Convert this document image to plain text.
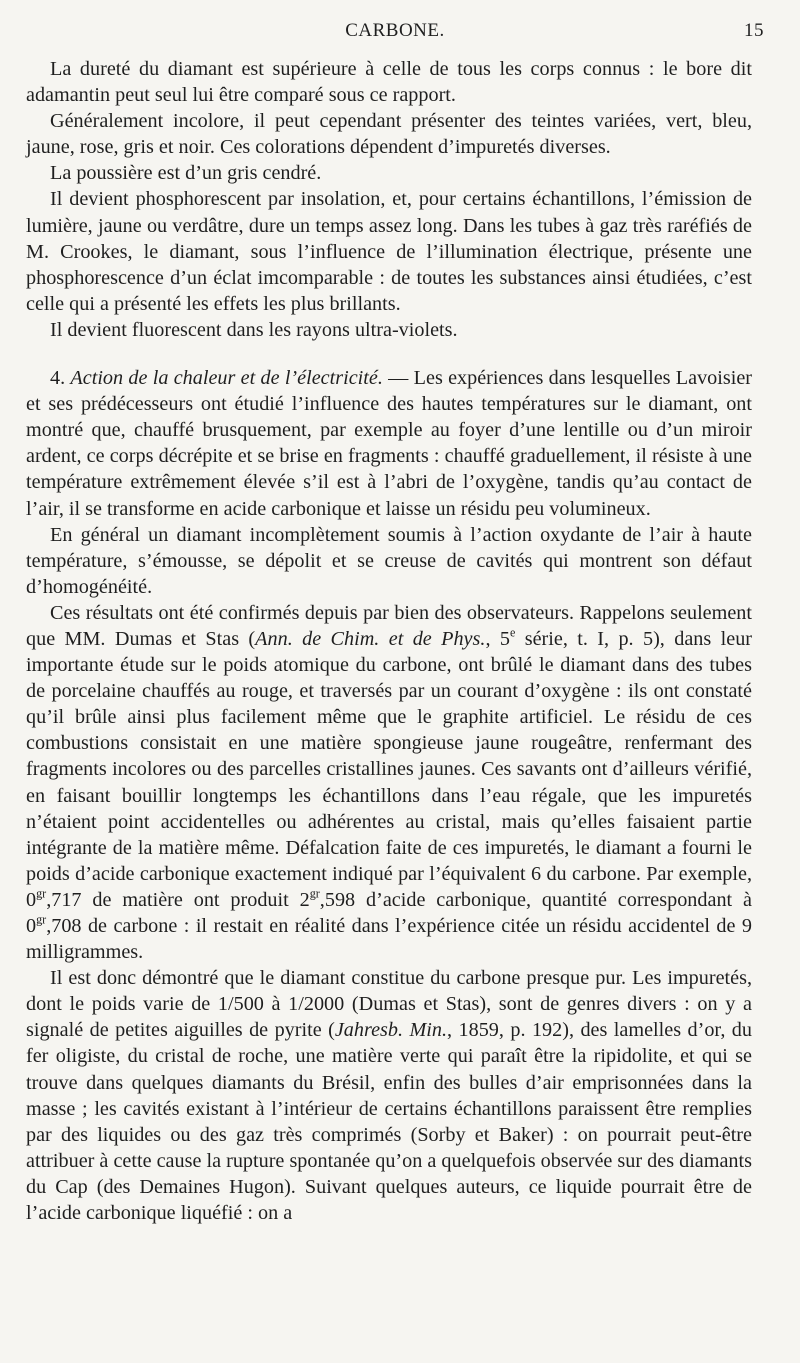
CARBONE.	15

La dureté du diamant est supérieure à celle de tous les corps connus : le bore dit adamantin peut seul lui être comparé sous ce rapport.

Généralement incolore, il peut cependant présenter des teintes variées, vert, bleu, jaune, rose, gris et noir. Ces colorations dépendent d’impuretés diverses.

La poussière est d’un gris cendré.

Il devient phosphorescent par insolation, et, pour certains échantillons, l’émission de lumière, jaune ou verdâtre, dure un temps assez long. Dans les tubes à gaz très raréfiés de M. Crookes, le diamant, sous l’influence de l’illumination électrique, présente une phosphorescence d’un éclat imcomparable : de toutes les substances ainsi étudiées, c’est celle qui a présenté les effets les plus brillants.

Il devient fluorescent dans les rayons ultra-violets.

4. Action de la chaleur et de l’électricité. — Les expériences dans lesquelles Lavoisier et ses prédécesseurs ont étudié l’influence des hautes températures sur le diamant, ont montré que, chauffé brusquement, par exemple au foyer d’une lentille ou d’un miroir ardent, ce corps décrépite et se brise en fragments : chauffé graduellement, il résiste à une température extrêmement élevée s’il est à l’abri de l’oxygène, tandis qu’au contact de l’air, il se transforme en acide carbonique et laisse un résidu peu volumineux.

En général un diamant incomplètement soumis à l’action oxydante de l’air à haute température, s’émousse, se dépolit et se creuse de cavités qui montrent son défaut d’homogénéité.

Ces résultats ont été confirmés depuis par bien des observateurs. Rappelons seulement que MM. Dumas et Stas (Ann. de Chim. et de Phys., 5e série, t. I, p. 5), dans leur importante étude sur le poids atomique du carbone, ont brûlé le diamant dans des tubes de porcelaine chauffés au rouge, et traversés par un courant d’oxygène : ils ont constaté qu’il brûle ainsi plus facilement même que le graphite artificiel. Le résidu de ces combustions consistait en une matière spongieuse jaune rougeâtre, renfermant des fragments incolores ou des parcelles cristallines jaunes. Ces savants ont d’ailleurs vérifié, en faisant bouillir longtemps les échantillons dans l’eau régale, que les impuretés n’étaient point accidentelles ou adhérentes au cristal, mais qu’elles faisaient partie intégrante de la matière même. Défalcation faite de ces impuretés, le diamant a fourni le poids d’acide carbonique exactement indiqué par l’équivalent 6 du carbone. Par exemple, $0^{gr},717$ de matière ont produit $2^{gr},598$ d’acide carbonique, quantité correspondant à $0^{gr},708$ de carbone : il restait en réalité dans l’expérience citée un résidu accidentel de 9 milligrammes.

Il est donc démontré que le diamant constitue du carbone presque pur. Les impuretés, dont le poids varie de 1/500 à 1/2000 (Dumas et Stas), sont de genres divers : on y a signalé de petites aiguilles de pyrite (Jahresb. Min., 1859, p. 192), des lamelles d’or, du fer oligiste, du cristal de roche, une matière verte qui paraît être la ripidolite, et qui se trouve dans quelques diamants du Brésil, enfin des bulles d’air emprisonnées dans la masse ; les cavités existant à l’intérieur de certains échantillons paraissent être remplies par des liquides ou des gaz très comprimés (Sorby et Baker) : on pourrait peut-être attribuer à cette cause la rupture spontanée qu’on a quelquefois observée sur des diamants du Cap (des Demaines Hugon). Suivant quelques auteurs, ce liquide pourrait être de l’acide carbonique liquéfié : on a
